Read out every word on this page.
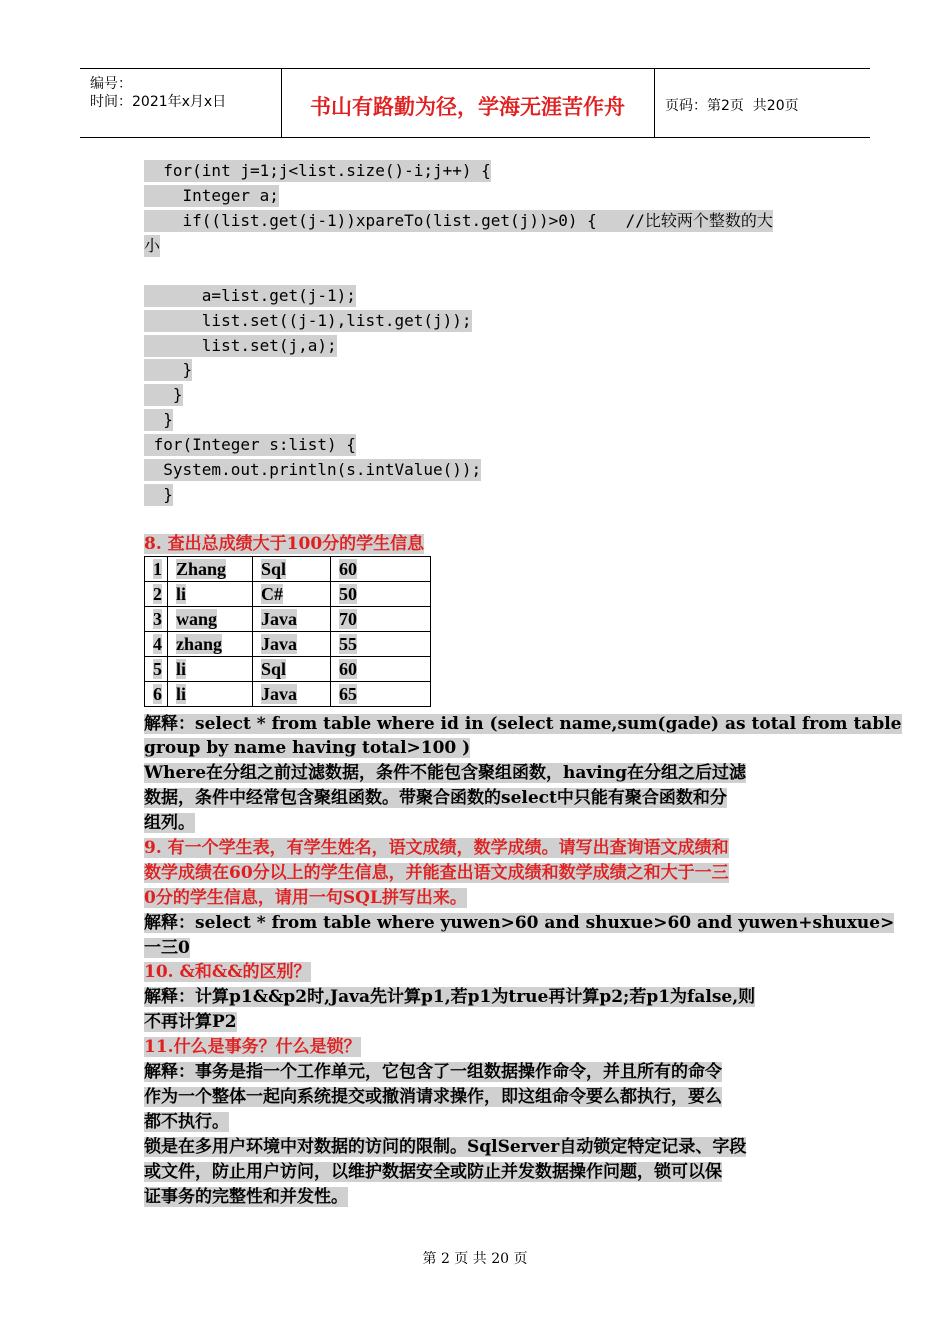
编号：
时间：2021年x月x日	书山有路勤为径，学海无涯苦作舟	页码：第2页  共20页
for(int j=1;j<list.size()-i;j++) {
Integer a;
if((list.get(j-1))xpareTo(list.get(j))>0) {   //比较两个整数的大
小
a=list.get(j-1);
list.set((j-1),list.get(j));
list.set(j,a);
}
}
}
for(Integer s:list) {
System.out.println(s.intValue());
}
8. 查出总成绩大于100分的学生信息
1	Zhang	Sql	60
2	li	C#	50
3	wang	Java	70
4	zhang	Java	55
5	li	Sql	60
6	li	Java	65
解释：select * from table where id in (select name,sum(gade) as total from table
group by name having total>100 )
Where在分组之前过滤数据，条件不能包含聚组函数，having在分组之后过滤
数据，条件中经常包含聚组函数。带聚合函数的select中只能有聚合函数和分
组列。
9. 有一个学生表，有学生姓名，语文成绩，数学成绩。请写出查询语文成绩和
数学成绩在60分以上的学生信息，并能查出语文成绩和数学成绩之和大于一三
0分的学生信息，请用一句SQL拼写出来。
解释：select * from table where yuwen>60 and shuxue>60 and yuwen+shuxue>
一三0
10. &和&&的区别？
解释：计算p1&&p2时,Java先计算p1,若p1为true再计算p2;若p1为false,则
不再计算P2
11.什么是事务？什么是锁？
解释：事务是指一个工作单元，它包含了一组数据操作命令，并且所有的命令
作为一个整体一起向系统提交或撤消请求操作，即这组命令要么都执行，要么
都不执行。
锁是在多用户环境中对数据的访问的限制。SqlServer自动锁定特定记录、字段
或文件，防止用户访问，以维护数据安全或防止并发数据操作问题，锁可以保
证事务的完整性和并发性。
第 2 页 共 20 页
